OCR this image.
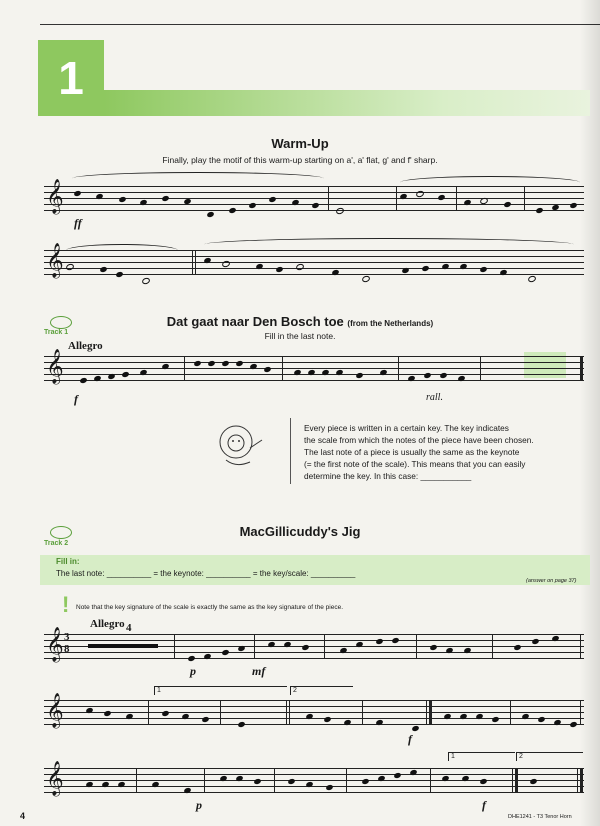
1
Warm-Up
Finally, play the motif of this warm-up starting on a', a' flat, g' and f' sharp.
𝄞
ff
𝄞
Track 1
Dat gaat naar Den Bosch toe (from the Netherlands)
Fill in the last note.
Allegro
𝄞
f	rall.
Every piece is written in a certain key. The key indicates
the scale from which the notes of the piece have been chosen.
The last note of a piece is usually the same as the keynote
(= the first note of the scale). This means that you can easily
determine the key. In this case: ___________
Track 2
MacGillicuddy's Jig
Fill in:
The last note: __________ = the keynote: __________ = the key/scale: __________
(answer on page 37)
! Note that the key signature of the scale is exactly the same as the key signature of the piece.
Allegro 4
𝄞 3
8
p	mf
𝄞
1	2
f
𝄞
1	2
p	f
4	DHE1241 - T3 Tenor Horn
